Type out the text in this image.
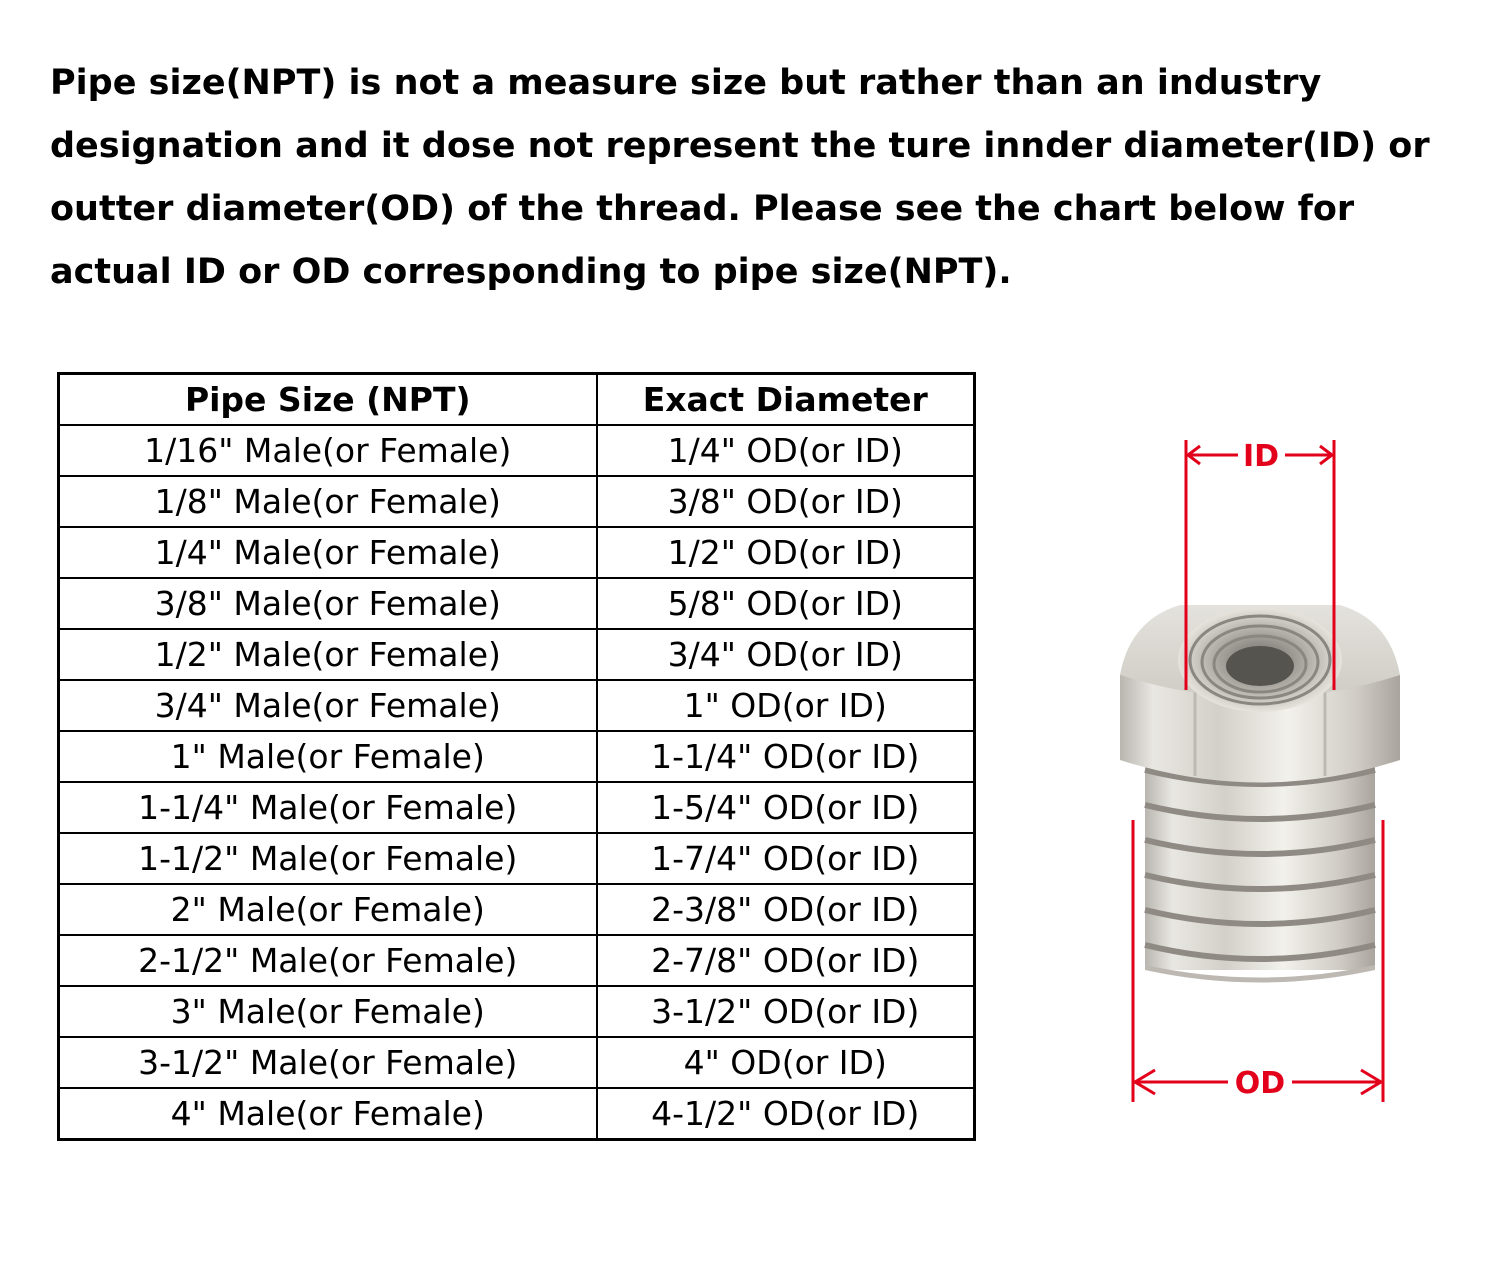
Pipe size(NPT) is not a measure size but rather than an industry designation and it dose not represent the ture innder diameter(ID) or outter diameter(OD) of the thread. Please see the chart below for actual ID or OD corresponding to pipe size(NPT).
Pipe Size (NPT)	Exact Diameter
1/16" Male(or Female)	1/4" OD(or ID)
1/8" Male(or Female)	3/8" OD(or ID)
1/4" Male(or Female)	1/2" OD(or ID)
3/8" Male(or Female)	5/8" OD(or ID)
1/2" Male(or Female)	3/4" OD(or ID)
3/4" Male(or Female)	1" OD(or ID)
1" Male(or Female)	1-1/4" OD(or ID)
1-1/4" Male(or Female)	1-5/4" OD(or ID)
1-1/2" Male(or Female)	1-7/4" OD(or ID)
2" Male(or Female)	2-3/8" OD(or ID)
2-1/2" Male(or Female)	2-7/8" OD(or ID)
3" Male(or Female)	3-1/2" OD(or ID)
3-1/2" Male(or Female)	4" OD(or ID)
4" Male(or Female)	4-1/2" OD(or ID)
ID
OD
